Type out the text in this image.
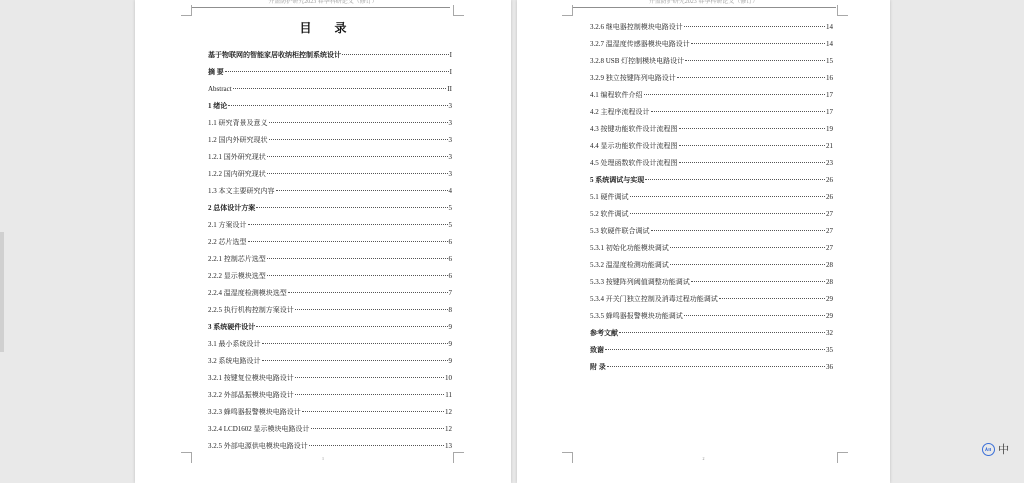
井盖防护研究2023 春季科研论文（修订）
目 录
基于物联网的智能家居收纳柜控制系统设计	I
摘 要	I
Abstract	II
1 绪论	3
1.1 研究背景及意义	3
1.2 国内外研究现状	3
1.2.1 国外研究现状	3
1.2.2 国内研究现状	3
1.3 本文主要研究内容	4
2 总体设计方案	5
2.1 方案设计	5
2.2 芯片选型	6
2.2.1 控制芯片选型	6
2.2.2 显示模块选型	6
2.2.4 温湿度检测模块选型	7
2.2.5 执行机构控制方案设计	8
3 系统硬件设计	9
3.1 最小系统设计	9
3.2 系统电路设计	9
3.2.1 按键复位模块电路设计	10
3.2.2 外部晶振模块电路设计	11
3.2.3 蜂鸣器报警模块电路设计	12
3.2.4 LCD1602 显示模块电路设计	12
3.2.5 外部电源供电模块电路设计	13
1
井盖防护研究2023 春季科研论文（修订）
3.2.6 继电器控制模块电路设计	14
3.2.7 温湿度传感器模块电路设计	14
3.2.8 USB 灯控制模块电路设计	15
3.2.9 独立按键阵列电路设计	16
4.1 编程软件介绍	17
4.2 主程序流程设计	17
4.3 按键功能软件设计流程图	19
4.4 显示功能软件设计流程图	21
4.5 处理函数软件设计流程图	23
5 系统调试与实现	26
5.1 硬件调试	26
5.2 软件调试	27
5.3 软硬件联合调试	27
5.3.1 初始化功能模块调试	27
5.3.2 温湿度检测功能调试	28
5.3.3 按键阵列阈值调整功能调试	28
5.3.4 开关门独立控制及消毒过程功能调试	29
5.3.5 蜂鸣器报警模块功能调试	29
参考文献	32
致谢	35
附 录	36
2
中
